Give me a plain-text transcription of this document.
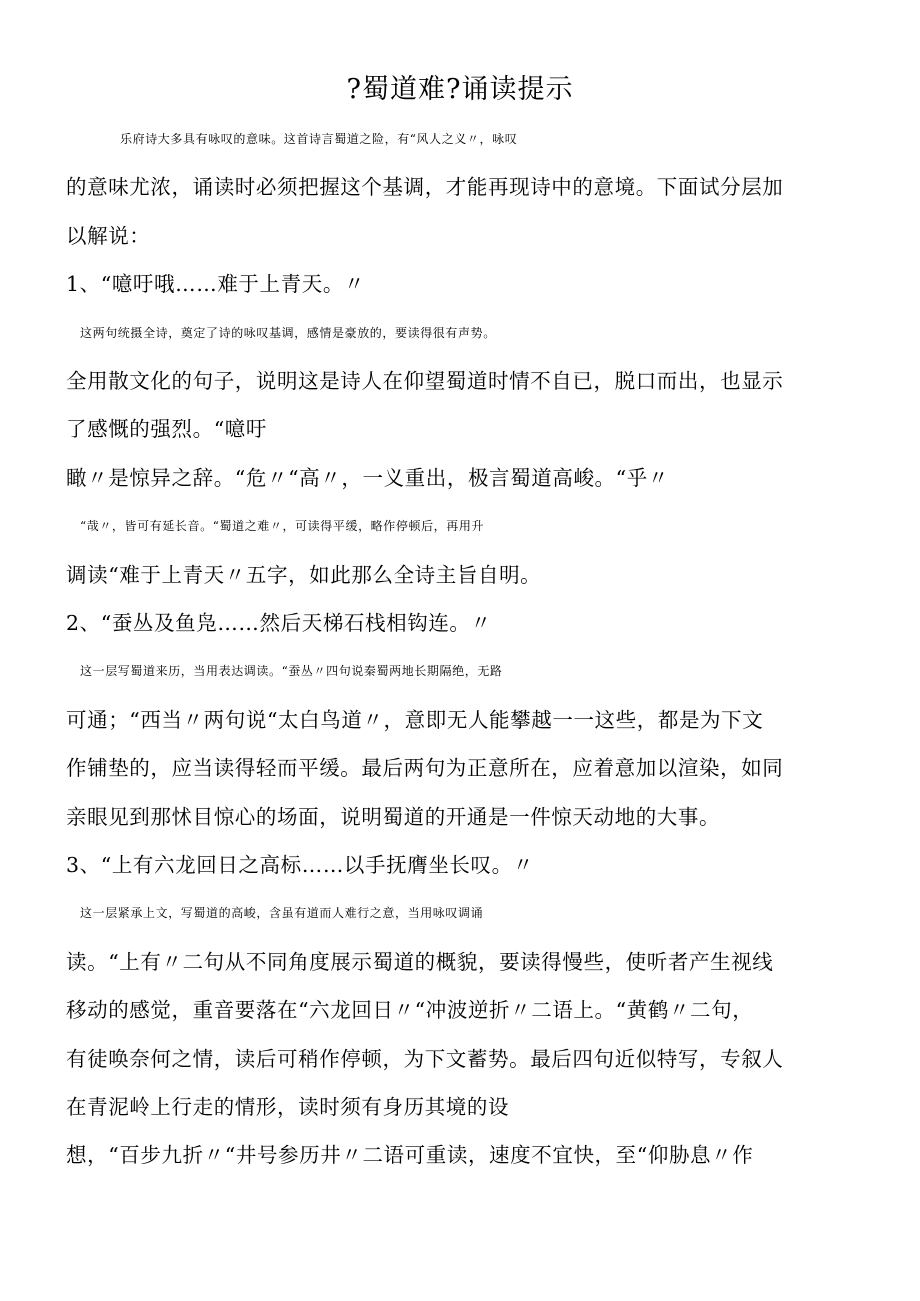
?蜀道难?诵读提示
乐府诗大多具有咏叹的意味。这首诗言蜀道之险，有“风人之义〃，咏叹
的意味尤浓，诵读时必须把握这个基调，才能再现诗中的意境。下面试分层加
以解说：
1、“噫吁哦……难于上青天。〃
这两句统摄全诗，奠定了诗的咏叹基调，感情是豪放的，要读得很有声势。
全用散文化的句子，说明这是诗人在仰望蜀道时情不自已，脱口而出，也显示
了感慨的强烈。“噫吁
瞰〃是惊异之辞。“危〃“高〃，一义重出，极言蜀道高峻。“乎〃
“哉〃，皆可有延长音。“蜀道之难〃，可读得平缓，略作停顿后，再用升
调读“难于上青天〃五字，如此那么全诗主旨自明。
2、“蚕丛及鱼凫……然后天梯石栈相钩连。〃
这一层写蜀道来历，当用表达调读。“蚕丛〃四句说秦蜀两地长期隔绝，无路
可通；“西当〃两句说“太白鸟道〃，意即无人能攀越一一这些，都是为下文
作铺垫的，应当读得轻而平缓。最后两句为正意所在，应着意加以渲染，如同
亲眼见到那怵目惊心的场面，说明蜀道的开通是一件惊天动地的大事。
3、“上有六龙回日之高标……以手抚膺坐长叹。〃
这一层紧承上文，写蜀道的高峻，含虽有道而人难行之意，当用咏叹调诵
读。“上有〃二句从不同角度展示蜀道的概貌，要读得慢些，使听者产生视线
移动的感觉，重音要落在“六龙回日〃“冲波逆折〃二语上。“黄鹤〃二句，
有徒唤奈何之情，读后可稍作停顿，为下文蓄势。最后四句近似特写，专叙人
在青泥岭上行走的情形，读时须有身历其境的设
想，“百步九折〃“井号参历井〃二语可重读，速度不宜快，至“仰胁息〃作
